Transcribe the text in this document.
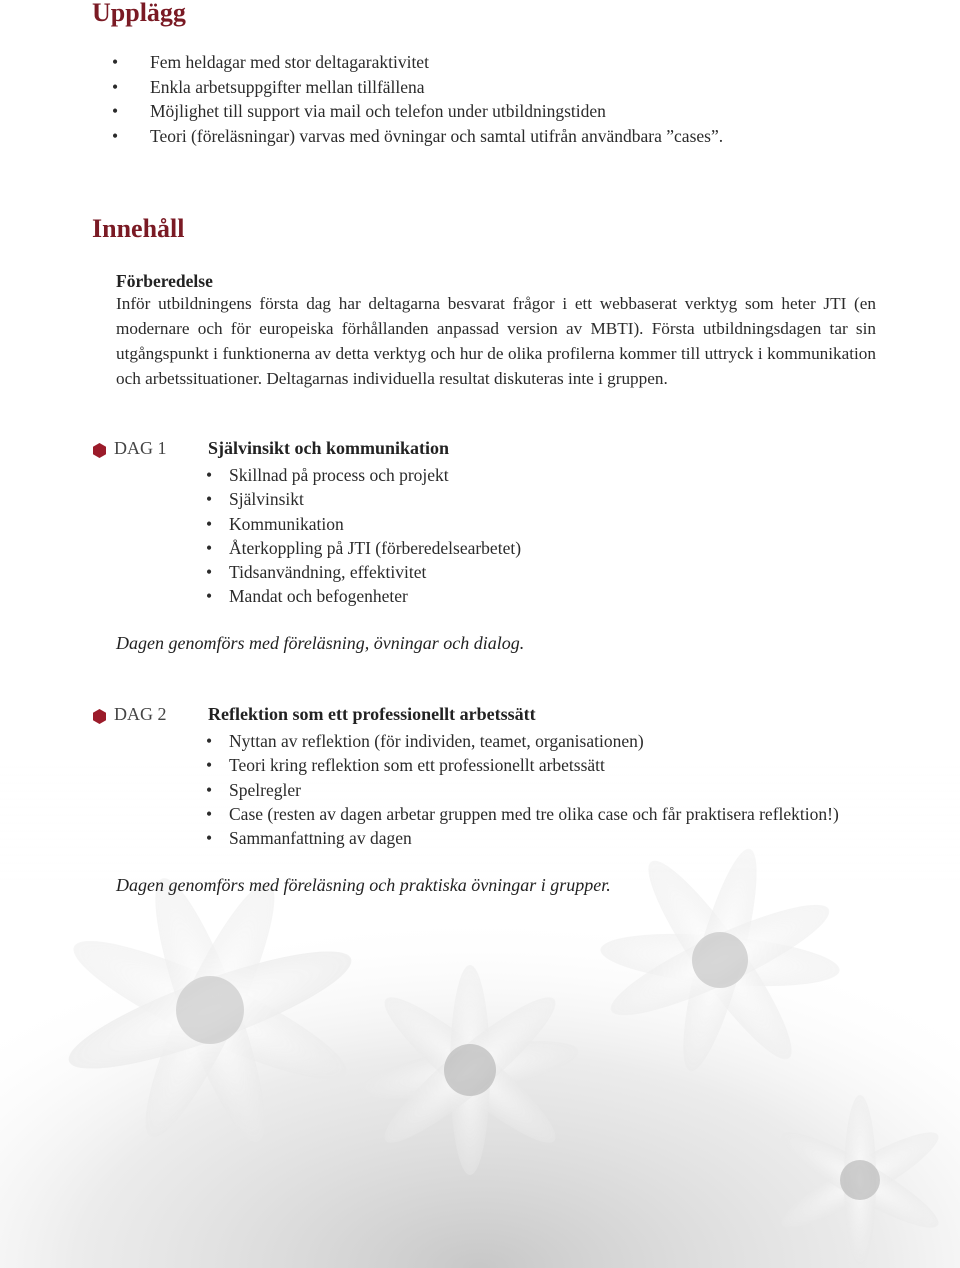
Upplägg
• Fem heldagar med stor deltagaraktivitet
• Enkla arbetsuppgifter mellan tillfällena
• Möjlighet till support via mail och telefon under utbildningstiden
• Teori (föreläsningar) varvas med övningar och samtal utifrån användbara ”cases”.
Innehåll
Förberedelse
Inför utbildningens första dag har deltagarna besvarat frågor i ett webbaserat verktyg som heter JTI (en modernare och för europeiska förhållanden anpassad version av MBTI). Första utbildningsdagen tar sin utgångspunkt i funktionerna av detta verktyg och hur de olika profilerna kommer till uttryck i kommunikation och arbetssituationer. Deltagarnas individuella resultat diskuteras inte i gruppen.
DAG 1 Självinsikt och kommunikation
• Skillnad på process och projekt
• Självinsikt
• Kommunikation
• Återkoppling på JTI (förberedelsearbetet)
• Tidsanvändning, effektivitet
• Mandat och befogenheter
Dagen genomförs med föreläsning, övningar och dialog.
DAG 2 Reflektion som ett professionellt arbetssätt
• Nyttan av reflektion (för individen, teamet, organisationen)
• Teori kring reflektion som ett professionellt arbetssätt
• Spelregler
• Case (resten av dagen arbetar gruppen med tre olika case och får praktisera reflektion!)
• Sammanfattning av dagen
Dagen genomförs med föreläsning och praktiska övningar i grupper.
